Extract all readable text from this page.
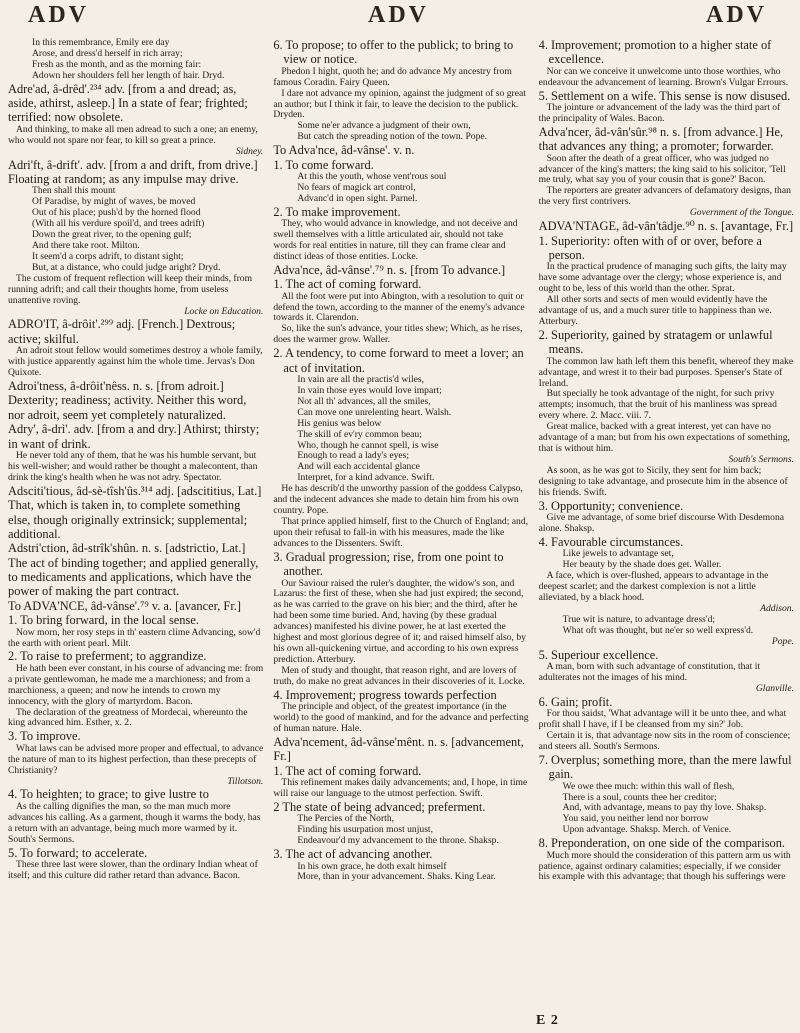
ADV	ADV	ADV

In this remembrance, Emily ere day

Arose, and dress'd herself in rich array;

Fresh as the month, and as the morning fair:

Adown her shoulders fell her length of hair. Dryd.

Adre'ad, â-drêd'.²³⁴ adv. [from a and dread; as, aside, athirst, asleep.] In a state of fear; frighted; terrified: now obsolete.

And thinking, to make all men adread to such a one; an enemy, who would not spare nor fear, to kill so great a prince.

Sidney.

Adri'ft, â-drift'. adv. [from a and drift, from drive.] Floating at random; as any impulse may drive.

Then shall this mount

Of Paradise, by might of waves, be moved

Out of his place; push'd by the horned flood

(With all his verdure spoil'd, and trees adrift)

Down the great river, to the opening gulf;

And there take root. Milton.

It seem'd a corps adrift, to distant sight;

But, at a distance, who could judge aright? Dryd.

The custom of frequent reflection will keep their minds, from running adrift; and call their thoughts home, from useless unattentive roving.

Locke on Education.

ADRO'IT, â-drôit'.²⁹⁹ adj. [French.] Dextrous; active; skilful.

An adroit stout fellow would sometimes destroy a whole family, with justice apparently against him the whole time. Jervas's Don Quixote.

Adroi'tness, â-drôit'nêss. n. s. [from adroit.] Dexterity; readiness; activity. Neither this word, nor adroit, seem yet completely naturalized.

Adry', â-drì'. adv. [from a and dry.] Athirst; thirsty; in want of drink.

He never told any of them, that he was his humble servant, but his well-wisher; and would rather be thought a malecontent, than drink the king's health when he was not adry. Spectator.

Adsciti'tious, âd-sè-tîsh'ûs.³¹⁴ adj. [adscititius, Lat.] That, which is taken in, to complete something else, though originally extrinsick; supplemental; additional.

Adstri'ction, âd-strîk'shûn. n. s. [adstrictio, Lat.] The act of binding together; and applied generally, to medicaments and applications, which have the power of making the part contract.

To ADVA'NCE, âd-vânse'.⁷⁹ v. a. [avancer, Fr.]

1. To bring forward, in the local sense.

Now morn, her rosy steps in th' eastern clime Advancing, sow'd the earth with orient pearl. Milt.

2. To raise to preferment; to aggrandize.

He hath been ever constant, in his course of advancing me: from a private gentlewoman, he made me a marchioness; and from a marchioness, a queen; and now he intends to crown my innocency, with the glory of martyrdom. Bacon.

The declaration of the greatness of Mordecai, whereunto the king advanced him. Esther, x. 2.

3. To improve.

What laws can be advised more proper and effectual, to advance the nature of man to its highest perfection, than these precepts of Christianity?

Tillotson.

4. To heighten; to grace; to give lustre to

As the calling dignifies the man, so the man much more advances his calling. As a garment, though it warms the body, has a return with an advantage, being much more warmed by it. South's Sermons.

5. To forward; to accelerate.

These three last were slower, than the ordinary Indian wheat of itself; and this culture did rather retard than advance. Bacon.

6. To propose; to offer to the publick; to bring to view or notice.

Phedon I hight, quoth he; and do advance My ancestry from famous Coradin. Fairy Queen.

I dare not advance my opinion, against the judgment of so great an author; but I think it fair, to leave the decision to the publick. Dryden.

Some ne'er advance a judgment of their own,

But catch the spreading notion of the town. Pope.

To Adva'nce, âd-vânse'. v. n.

1. To come forward.

At this the youth, whose vent'rous soul

No fears of magick art control,

Advanc'd in open sight. Parnel.

2. To make improvement.

They, who would advance in knowledge, and not deceive and swell themselves with a little articulated air, should not take words for real entities in nature, till they can frame clear and distinct ideas of those entities. Locke.

Adva'nce, âd-vânse'.⁷⁹ n. s. [from To advance.]

1. The act of coming forward.

All the foot were put into Abington, with a resolution to quit or defend the town, according to the manner of the enemy's advance towards it. Clarendon.

So, like the sun's advance, your titles shew; Which, as he rises, does the warmer grow. Waller.

2. A tendency, to come forward to meet a lover; an act of invitation.

In vain are all the practis'd wiles,

In vain those eyes would love impart;

Not all th' advances, all the smiles,

Can move one unrelenting heart. Walsh.

His genius was below

The skill of ev'ry common beau;

Who, though he cannot spell, is wise

Enough to read a lady's eyes;

And will each accidental glance

Interpret, for a kind advance. Swift.

He has describ'd the unworthy passion of the goddess Calypso, and the indecent advances she made to detain him from his own country. Pope.

That prince applied himself, first to the Church of England; and, upon their refusal to fall-in with his measures, made the like advances to the Dissenters. Swift.

3. Gradual progression; rise, from one point to another.

Our Saviour raised the ruler's daughter, the widow's son, and Lazarus: the first of these, when she had just expired; the second, as he was carried to the grave on his bier; and the third, after he had been some time buried. And, having (by these gradual advances) manifested his divine power, he at last exerted the highest and most glorious degree of it; and raised himself also, by his own all-quickening virtue, and according to his own express prediction. Atterbury.

Men of study and thought, that reason right, and are lovers of truth, do make no great advances in their discoveries of it. Locke.

4. Improvement; progress towards perfection

The principle and object, of the greatest importance (in the world) to the good of mankind, and for the advance and perfecting of human nature. Hale.

Adva'ncement, âd-vânse'mênt. n. s. [advancement, Fr.]

1. The act of coming forward.

This refinement makes daily advancements; and, I hope, in time will raise our language to the utmost perfection. Swift.

2 The state of being advanced; preferment.

The Percies of the North,

Finding his usurpation most unjust,

Endeavour'd my advancement to the throne. Shaksp.

3. The act of advancing another.

In his own grace, he doth exalt himself

More, than in your advancement. Shaks. King Lear.

4. Improvement; promotion to a higher state of excellence.

Nor can we conceive it unwelcome unto those worthies, who endeavour the advancement of learning. Brown's Vulgar Errours.

5. Settlement on a wife. This sense is now disused.

The jointure or advancement of the lady was the third part of the principality of Wales. Bacon.

Adva'ncer, âd-vân'sûr.⁹⁸ n. s. [from advance.] He, that advances any thing; a promoter; forwarder.

Soon after the death of a great officer, who was judged no advancer of the king's matters; the king said to his solicitor, 'Tell me truly, what say you of your cousin that is gone?' Bacon.

The reporters are greater advancers of defamatory designs, than the very first contrivers.

Government of the Tongue.

ADVA'NTAGE, âd-vân'tâdje.⁹⁰ n. s. [avantage, Fr.]

1. Superiority: often with of or over, before a person.

In the practical prudence of managing such gifts, the laity may have some advantage over the clergy; whose experience is, and ought to be, less of this world than the other. Sprat.

All other sorts and sects of men would evidently have the advantage of us, and a much surer title to happiness than we. Atterbury.

2. Superiority, gained by stratagem or unlawful means.

The common law hath left them this benefit, whereof they make advantage, and wrest it to their bad purposes. Spenser's State of Ireland.

But specially he took advantage of the night, for such privy attempts; insomuch, that the bruit of his manliness was spread every where. 2. Macc. viii. 7.

Great malice, backed with a great interest, yet can have no advantage of a man; but from his own expectations of something, that is without him.

South's Sermons.

As soon, as he was got to Sicily, they sent for him back; designing to take advantage, and prosecute him in the absence of his friends. Swift.

3. Opportunity; convenience.

Give me advantage, of some brief discourse With Desdemona alone. Shaksp.

4. Favourable circumstances.

Like jewels to advantage set,

Her beauty by the shade does get. Waller.

A face, which is over-flushed, appears to advantage in the deepest scarlet; and the darkest complexion is not a little alleviated, by a black hood.

Addison.

True wit is nature, to advantage dress'd;

What oft was thought, but ne'er so well express'd.

Pope.

5. Superiour excellence.

A man, born with such advantage of constitution, that it adulterates not the images of his mind.

Glanville.

6. Gain; profit.

For thou saidst, 'What advantage will it be unto thee, and what profit shall I have, if I be cleansed from my sin?' Job.

Certain it is, that advantage now sits in the room of conscience; and steers all. South's Sermons.

7. Overplus; something more, than the mere lawful gain.

We owe thee much: within this wall of flesh,

There is a soul, counts thee her creditor;

And, with advantage, means to pay thy love. Shaksp.

You said, you neither lend nor borrow

Upon advantage. Shaksp. Merch. of Venice.

8. Preponderation, on one side of the comparison.

Much more should the consideration of this pattern arm us with patience, against ordinary calamities; especially, if we consider his example with this advantage; that though his sufferings were

E 2
